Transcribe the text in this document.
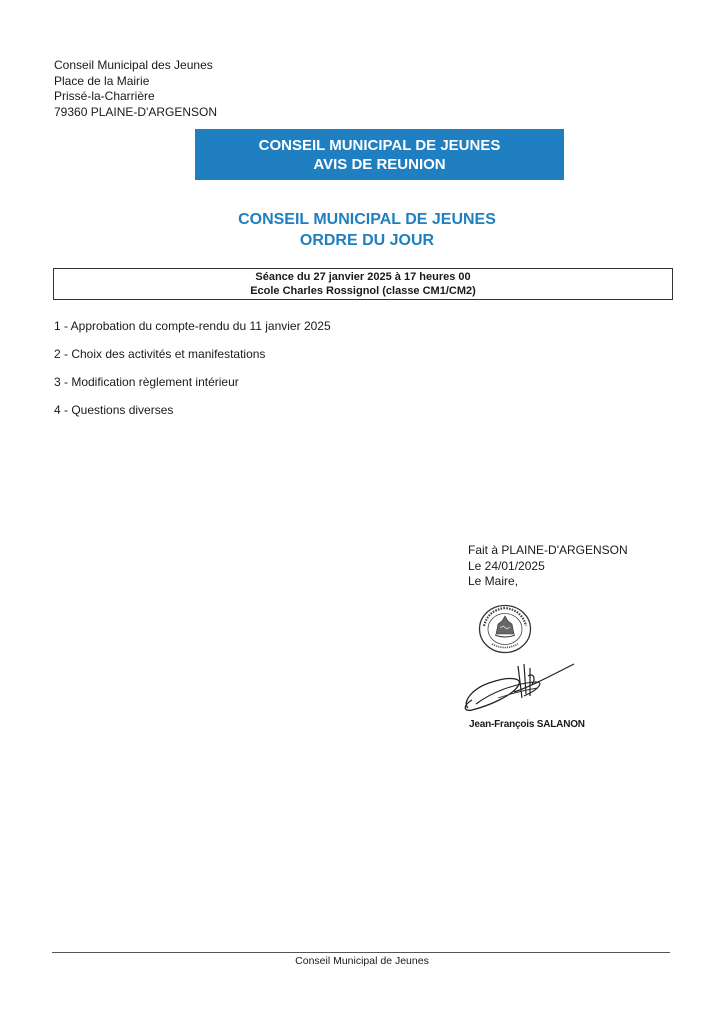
Conseil Municipal des Jeunes
Place de la Mairie
Prissé-la-Charrière
79360 PLAINE-D'ARGENSON
CONSEIL MUNICIPAL DE JEUNES
AVIS DE REUNION
CONSEIL MUNICIPAL DE JEUNES
ORDRE DU JOUR
Séance du 27 janvier 2025 à 17 heures 00
Ecole Charles Rossignol (classe CM1/CM2)
1 - Approbation du compte-rendu du 11 janvier 2025
2 - Choix des activités et manifestations
3 - Modification règlement intérieur
4 - Questions diverses
Fait à PLAINE-D'ARGENSON
Le 24/01/2025
Le Maire,
Jean-François SALANON
Conseil Municipal de Jeunes
